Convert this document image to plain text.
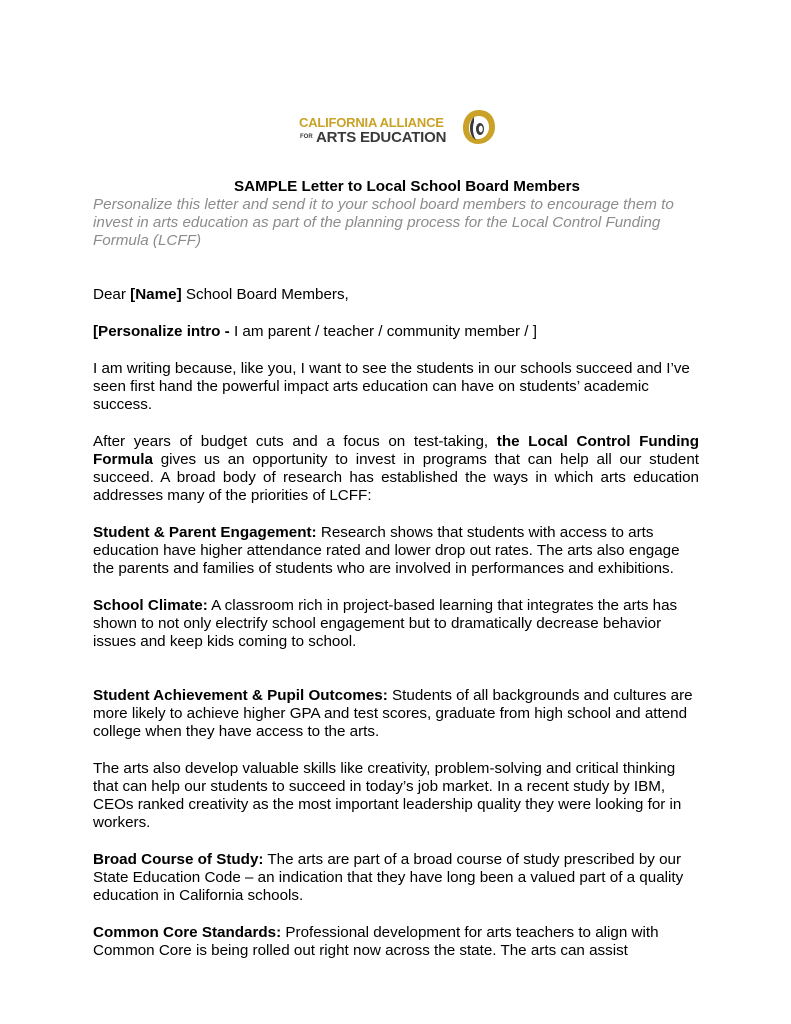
CALIFORNIA ALLIANCE
FOR ARTS EDUCATION

SAMPLE Letter to Local School Board Members

Personalize this letter and send it to your school board members to encourage them to invest in arts education as part of the planning process for the Local Control Funding Formula (LCFF)

Dear [Name] School Board Members,

[Personalize intro - I am parent / teacher / community member / ]

I am writing because, like you, I want to see the students in our schools succeed and I’ve seen first hand the powerful impact arts education can have on students’ academic success.

After years of budget cuts and a focus on test-taking, the Local Control Funding Formula gives us an opportunity to invest in programs that can help all our student succeed. A broad body of research has established the ways in which arts education addresses many of the priorities of LCFF:

Student & Parent Engagement: Research shows that students with access to arts education have higher attendance rated and lower drop out rates. The arts also engage the parents and families of students who are involved in performances and exhibitions.

School Climate: A classroom rich in project-based learning that integrates the arts has shown to not only electrify school engagement but to dramatically decrease behavior issues and keep kids coming to school.

Student Achievement & Pupil Outcomes: Students of all backgrounds and cultures are more likely to achieve higher GPA and test scores, graduate from high school and attend college when they have access to the arts.

The arts also develop valuable skills like creativity, problem-solving and critical thinking that can help our students to succeed in today’s job market. In a recent study by IBM, CEOs ranked creativity as the most important leadership quality they were looking for in workers.

Broad Course of Study: The arts are part of a broad course of study prescribed by our State Education Code – an indication that they have long been a valued part of a quality education in California schools.

Common Core Standards: Professional development for arts teachers to align with Common Core is being rolled out right now across the state. The arts can assist
